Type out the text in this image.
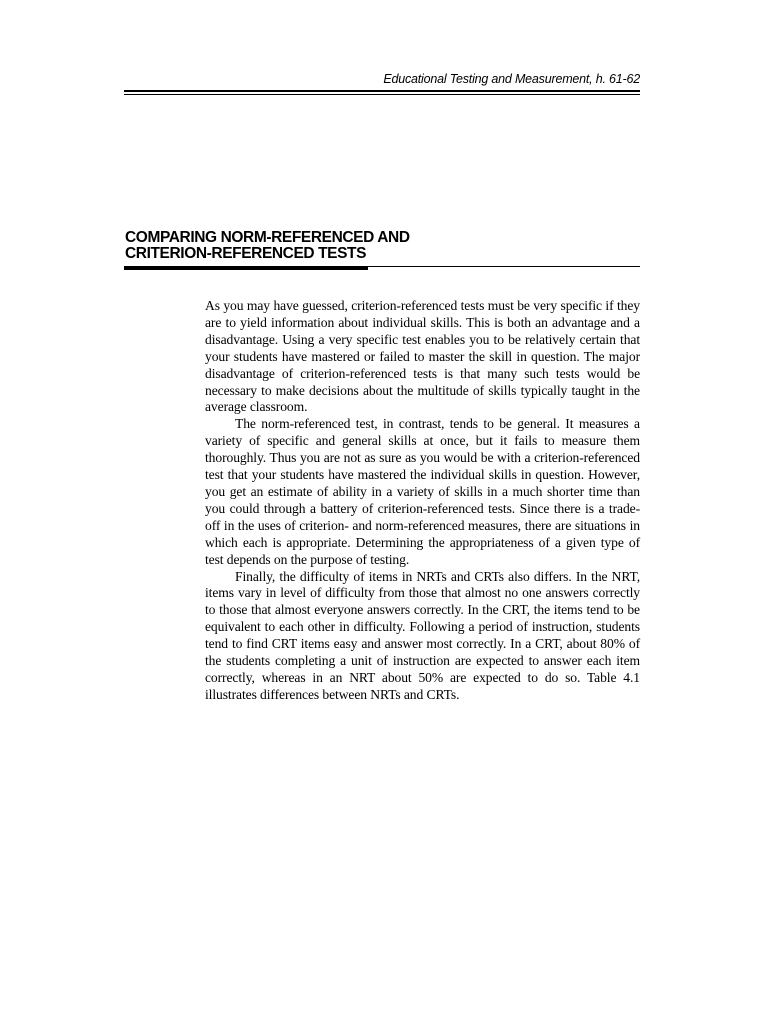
Educational Testing and Measurement, h. 61-62
COMPARING NORM-REFERENCED AND
CRITERION-REFERENCED TESTS

As you may have guessed, criterion-referenced tests must be very specific if they are to yield information about individual skills. This is both an advantage and a disadvantage. Using a very specific test enables you to be relatively certain that your students have mastered or failed to master the skill in question. The major disadvantage of criterion-referenced tests is that many such tests would be necessary to make decisions about the multitude of skills typically taught in the average classroom.

The norm-referenced test, in contrast, tends to be general. It measures a variety of specific and general skills at once, but it fails to measure them thoroughly. Thus you are not as sure as you would be with a criterion-referenced test that your students have mastered the individual skills in question. However, you get an estimate of ability in a variety of skills in a much shorter time than you could through a battery of criterion-referenced tests. Since there is a trade-off in the uses of criterion- and norm-referenced measures, there are situations in which each is appropriate. Determining the appropriateness of a given type of test depends on the purpose of testing.

Finally, the difficulty of items in NRTs and CRTs also differs. In the NRT, items vary in level of difficulty from those that almost no one answers correctly to those that almost everyone answers correctly. In the CRT, the items tend to be equivalent to each other in difficulty. Following a period of instruction, students tend to find CRT items easy and answer most correctly. In a CRT, about 80% of the students completing a unit of instruction are expected to answer each item correctly, whereas in an NRT about 50% are expected to do so. Table 4.1 illustrates differences between NRTs and CRTs.
